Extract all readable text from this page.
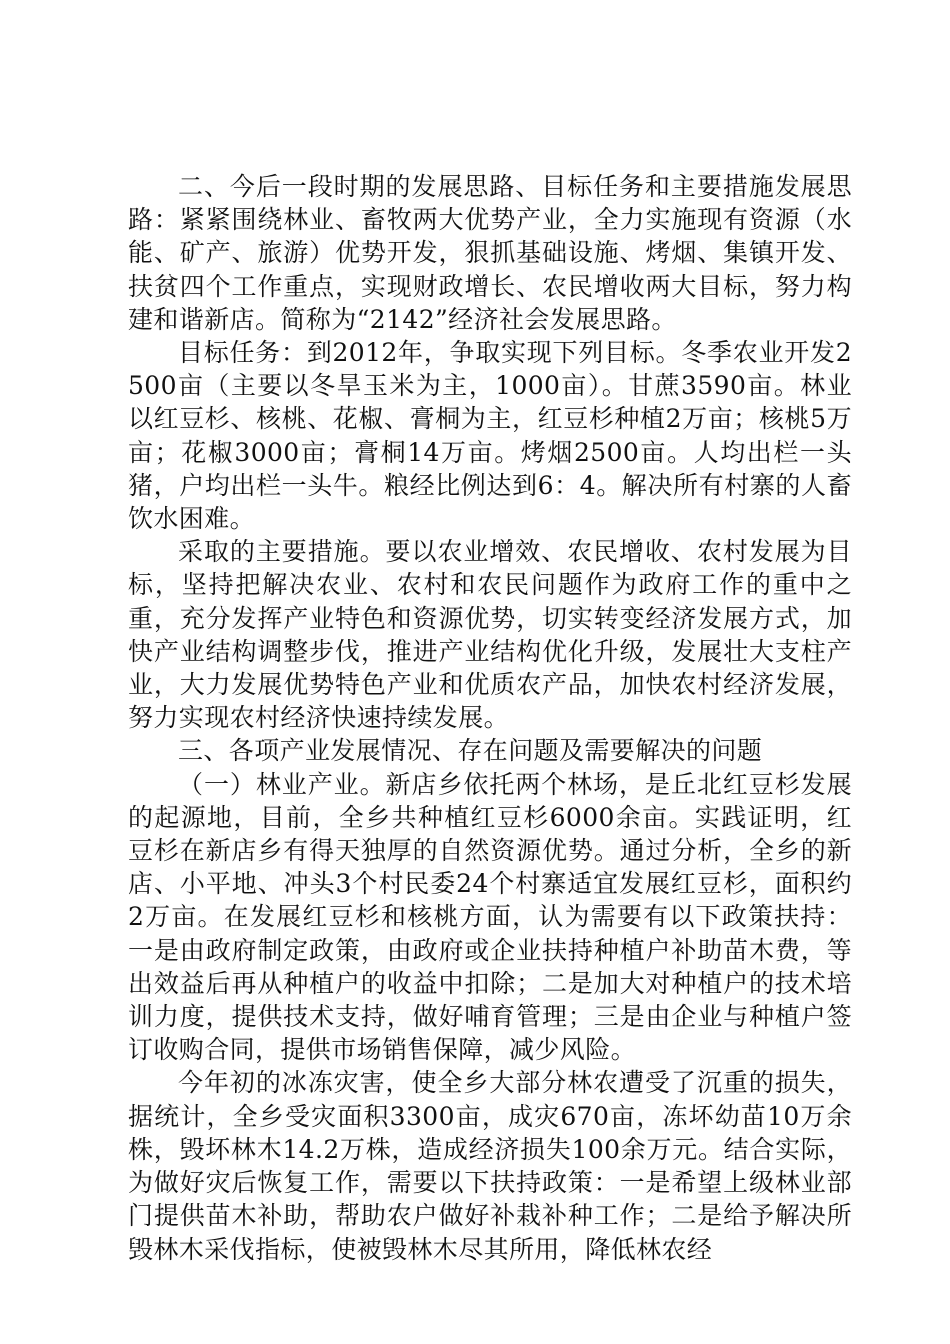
二、今后一段时期的发展思路、目标任务和主要措施发展思路：紧紧围绕林业、畜牧两大优势产业，全力实施现有资源（水能、矿产、旅游）优势开发，狠抓基础设施、烤烟、集镇开发、扶贫四个工作重点，实现财政增长、农民增收两大目标，努力构建和谐新店。简称为“2142”经济社会发展思路。

目标任务：到2012年，争取实现下列目标。冬季农业开发2500亩（主要以冬旱玉米为主，1000亩）。甘蔗3590亩。林业以红豆杉、核桃、花椒、膏桐为主，红豆杉种植2万亩；核桃5万亩；花椒3000亩；膏桐14万亩。烤烟2500亩。人均出栏一头猪，户均出栏一头牛。粮经比例达到6：4。解决所有村寨的人畜饮水困难。

采取的主要措施。要以农业增效、农民增收、农村发展为目标，坚持把解决农业、农村和农民问题作为政府工作的重中之重，充分发挥产业特色和资源优势，切实转变经济发展方式，加快产业结构调整步伐，推进产业结构优化升级，发展壮大支柱产业，大力发展优势特色产业和优质农产品，加快农村经济发展，努力实现农村经济快速持续发展。

三、各项产业发展情况、存在问题及需要解决的问题

（一）林业产业。新店乡依托两个林场，是丘北红豆杉发展的起源地，目前，全乡共种植红豆杉6000余亩。实践证明，红豆杉在新店乡有得天独厚的自然资源优势。通过分析，全乡的新店、小平地、冲头3个村民委24个村寨适宜发展红豆杉，面积约2万亩。在发展红豆杉和核桃方面，认为需要有以下政策扶持：一是由政府制定政策，由政府或企业扶持种植户补助苗木费，等出效益后再从种植户的收益中扣除；二是加大对种植户的技术培训力度，提供技术支持，做好哺育管理；三是由企业与种植户签订收购合同，提供市场销售保障，减少风险。

今年初的冰冻灾害，使全乡大部分林农遭受了沉重的损失，据统计，全乡受灾面积3300亩，成灾670亩，冻坏幼苗10万余株，毁坏林木14.2万株，造成经济损失100余万元。结合实际，为做好灾后恢复工作，需要以下扶持政策：一是希望上级林业部门提供苗木补助，帮助农户做好补栽补种工作；二是给予解决所毁林木采伐指标，使被毁林木尽其所用，降低林农经
